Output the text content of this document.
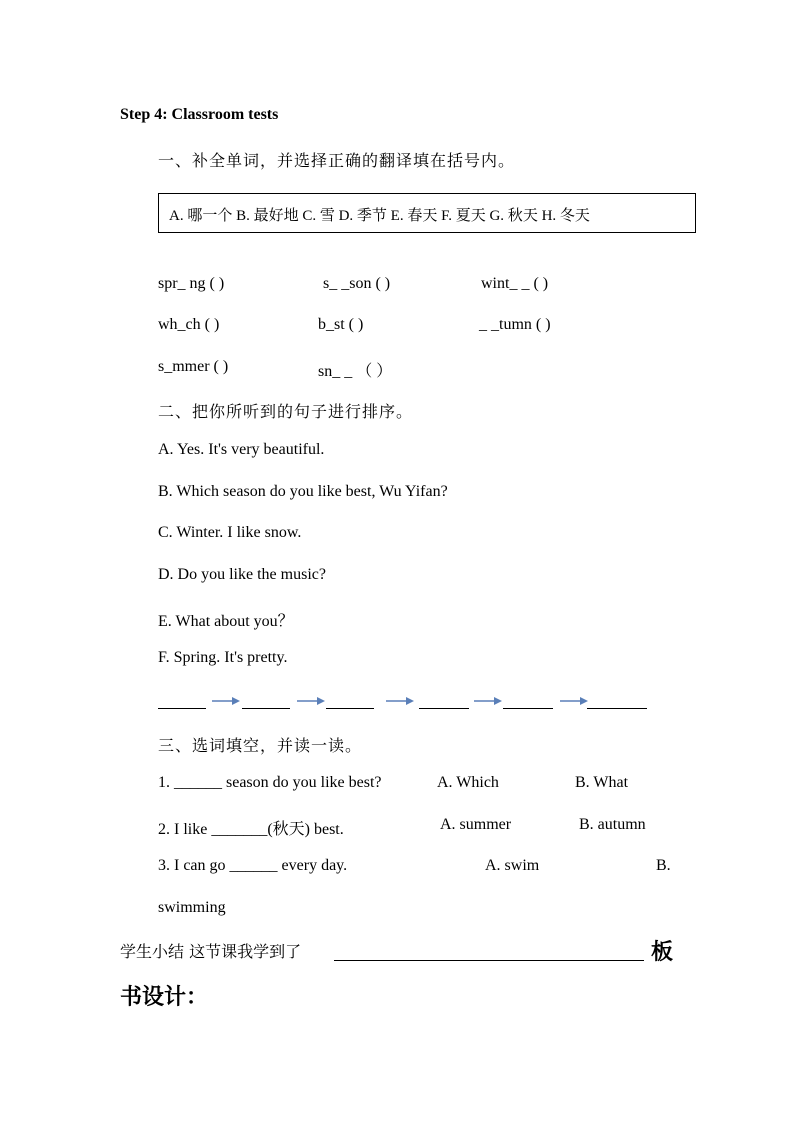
Step 4: Classroom tests
一、补全单词，并选择正确的翻译填在括号内。
A. 哪一个 B. 最好地 C. 雪 D. 季节 E. 春天 F. 夏天 G. 秋天 H. 冬天
spr_ ng ( )	s_ _son ( )	wint_ _ ( )
wh_ch ( )	b_st ( )	_ _tumn ( )
s_mmer ( )	sn_ _ （ ）
二、把你所听到的句子进行排序。
A. Yes. It's very beautiful.
B. Which season do you like best, Wu Yifan?
C. Winter. I like snow.
D. Do you like the music?
E. What about you？
F. Spring. It's pretty.
三、选词填空，并读一读。
1. ______ season do you like best?	A. Which	B. What
2. I like _______(秋天) best.	A. summer	B. autumn
3. I can go ______ every day.	A. swim	B.
swimming
学生小结 这节课我学到了	板
书设计：
